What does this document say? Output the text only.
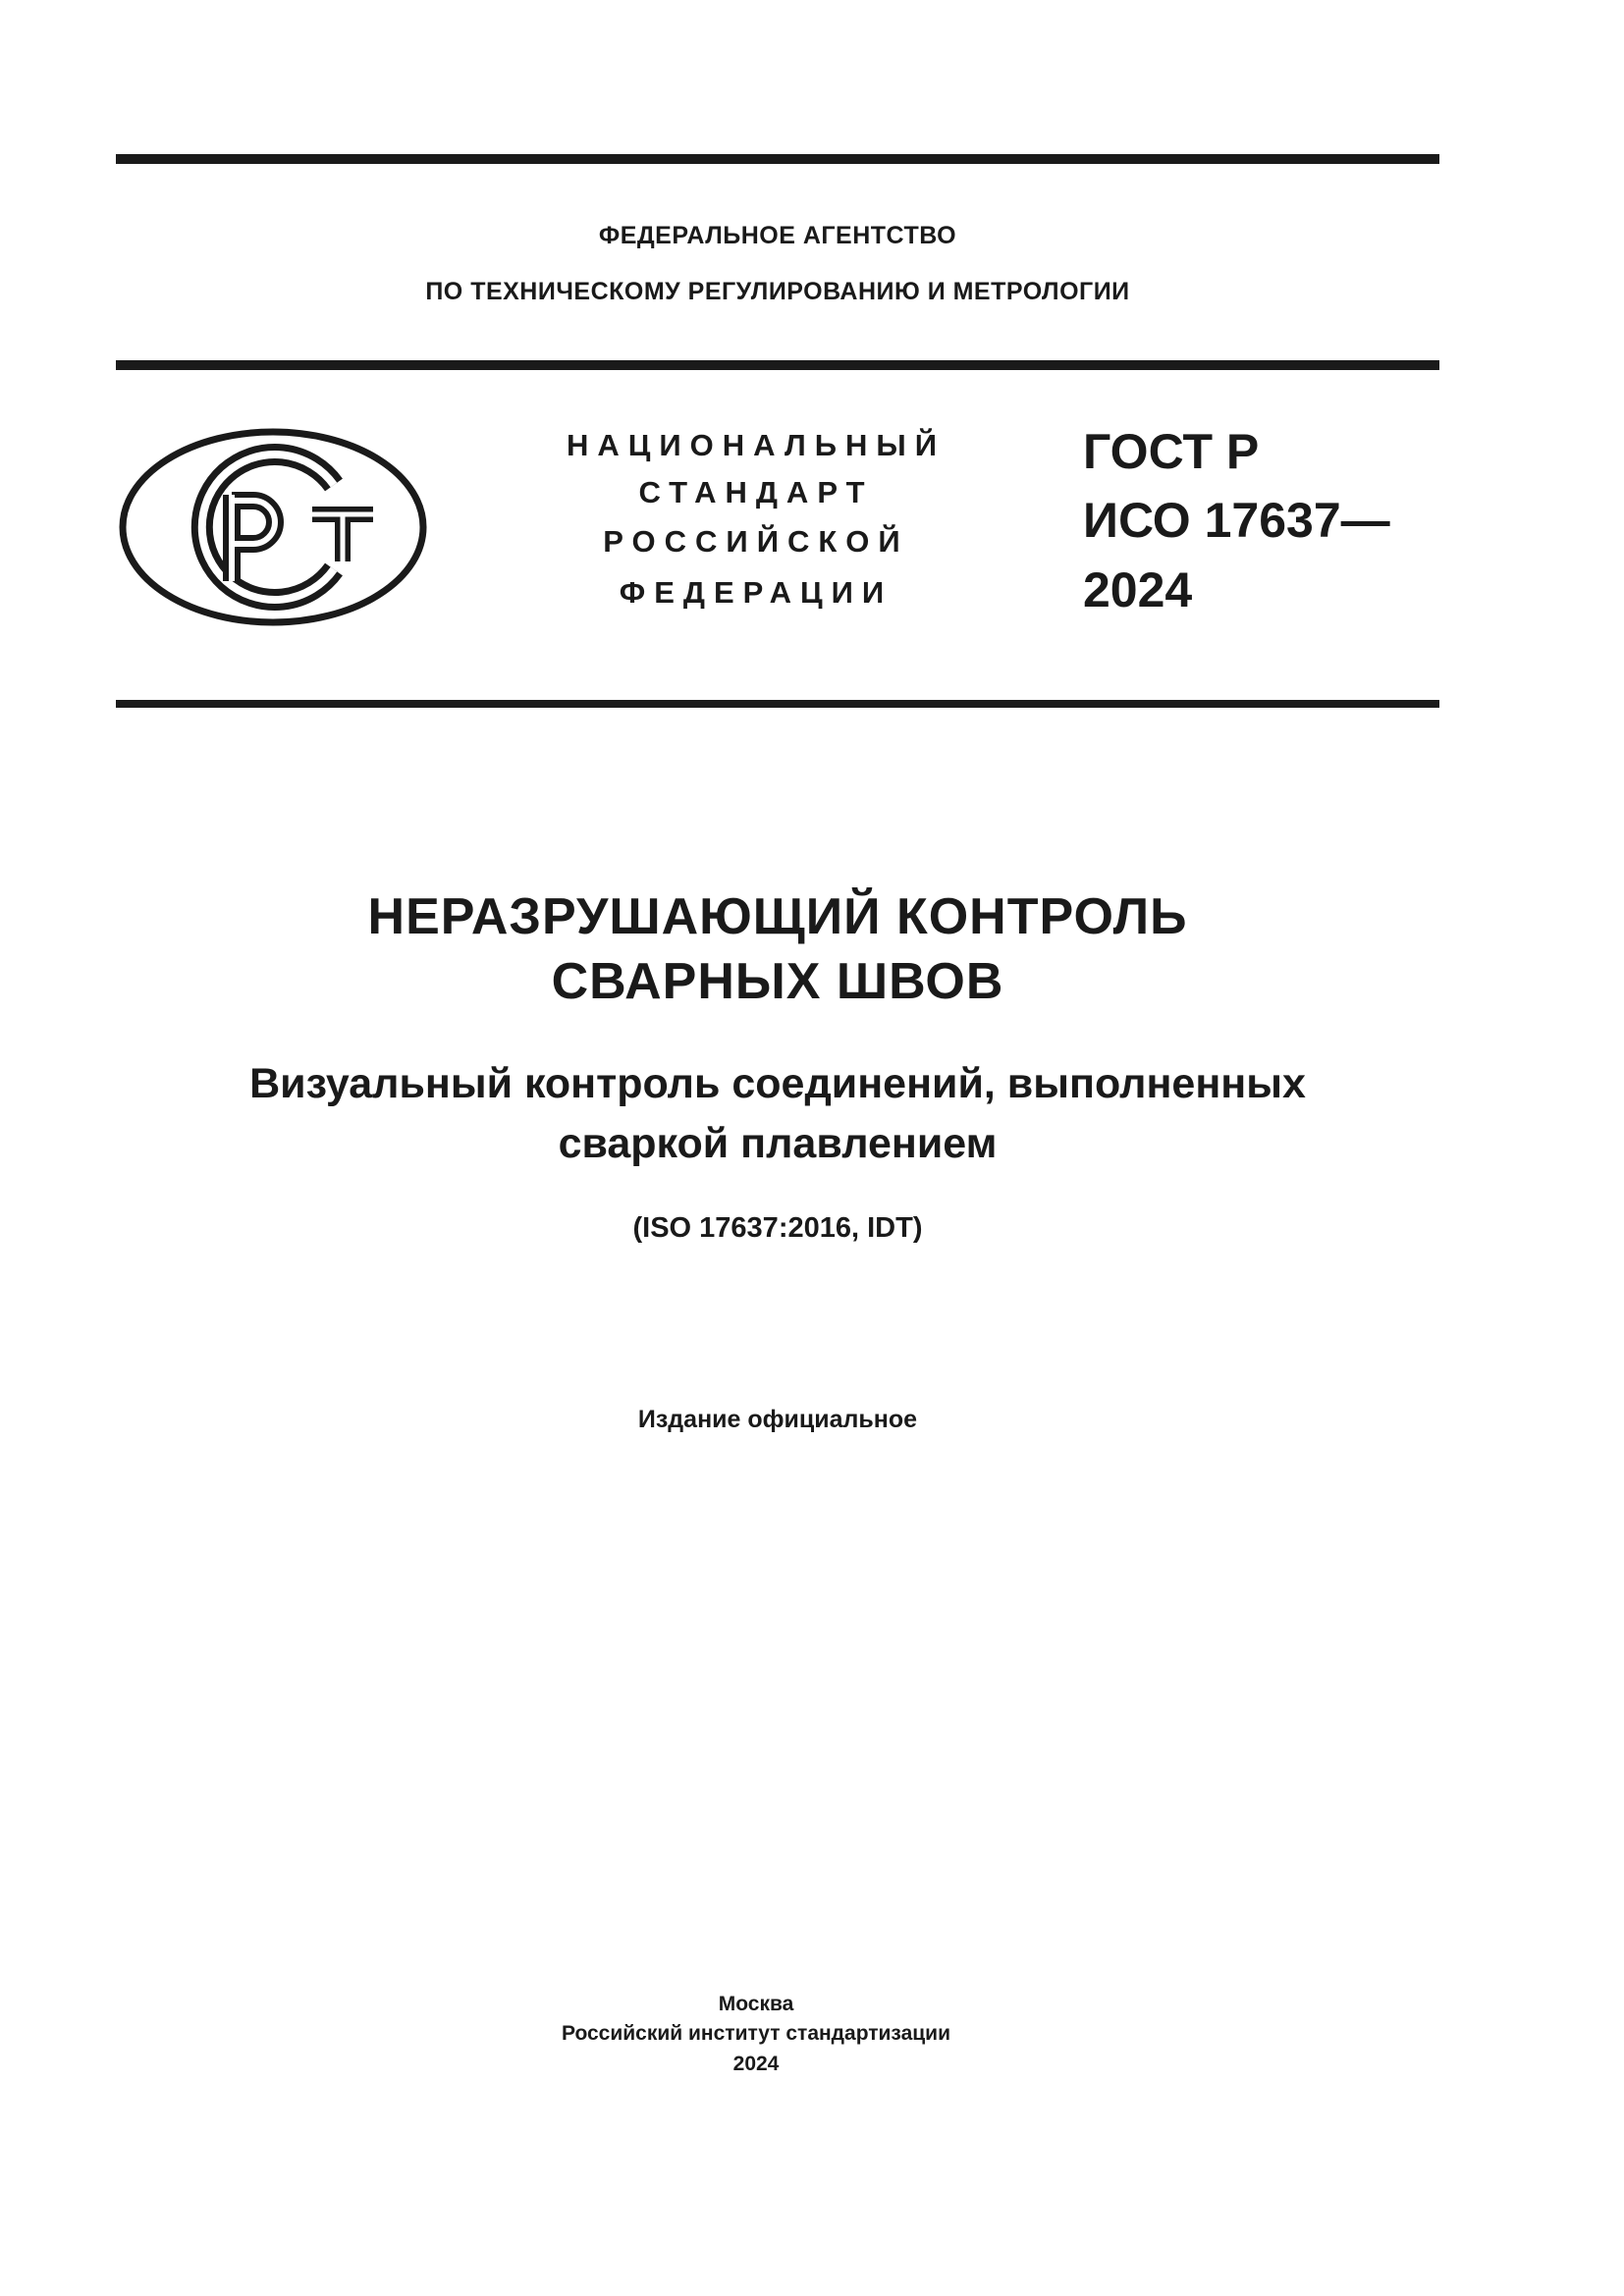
ФЕДЕРАЛЬНОЕ АГЕНТСТВО
ПО ТЕХНИЧЕСКОМУ РЕГУЛИРОВАНИЮ И МЕТРОЛОГИИ
НАЦИОНАЛЬНЫЙ
СТАНДАРТ
РОССИЙСКОЙ
ФЕДЕРАЦИИ
ГОСТ Р
ИСО 17637—
2024
НЕРАЗРУШАЮЩИЙ КОНТРОЛЬ
СВАРНЫХ ШВОВ
Визуальный контроль соединений, выполненных
сваркой плавлением
(ISO 17637:2016, IDT)
Издание официальное
Москва
Российский институт стандартизации
2024
